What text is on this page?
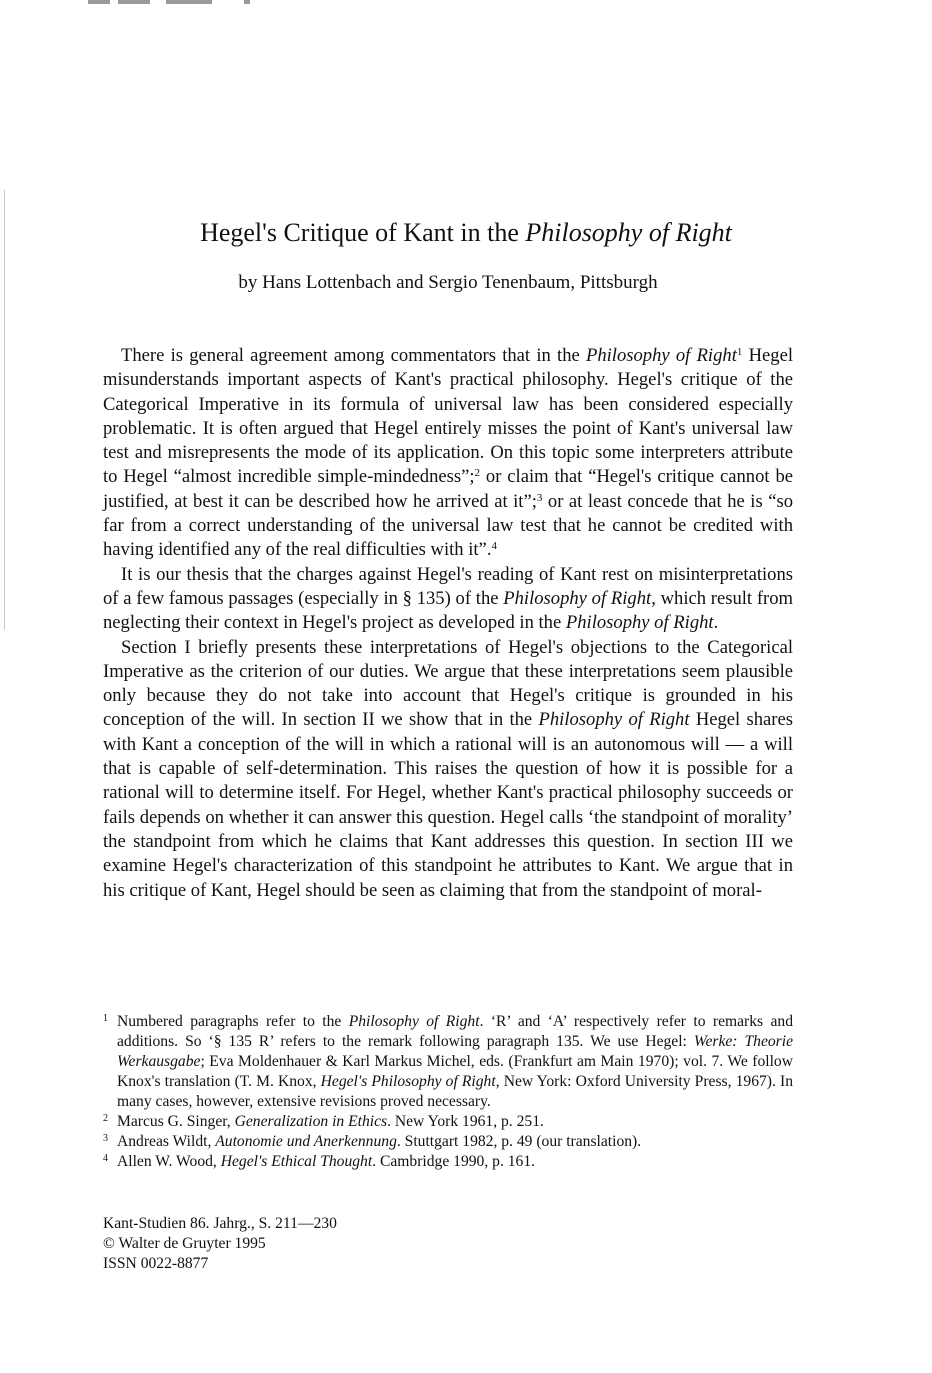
Hegel's Critique of Kant in the Philosophy of Right
by Hans Lottenbach and Sergio Tenenbaum, Pittsburgh

There is general agreement among commentators that in the Philosophy of Right$^1$ Hegel misunderstands important aspects of Kant's practical philosophy. Hegel's critique of the Categorical Imperative in its formula of universal law has been considered especially problematic. It is often argued that Hegel entirely misses the point of Kant's universal law test and misrepresents the mode of its application. On this topic some interpreters attribute to Hegel “almost incredible simple-mindedness”;$^2$ or claim that “Hegel's critique cannot be justified, at best it can be described how he arrived at it”;$^3$ or at least concede that he is “so far from a correct understanding of the universal law test that he cannot be credited with having identified any of the real difficulties with it”.$^4$

It is our thesis that the charges against Hegel's reading of Kant rest on misinterpretations of a few famous passages (especially in § 135) of the Philosophy of Right, which result from neglecting their context in Hegel's project as developed in the Philosophy of Right.

Section I briefly presents these interpretations of Hegel's objections to the Categorical Imperative as the criterion of our duties. We argue that these interpretations seem plausible only because they do not take into account that Hegel's critique is grounded in his conception of the will. In section II we show that in the Philosophy of Right Hegel shares with Kant a conception of the will in which a rational will is an autonomous will — a will that is capable of self-determination. This raises the question of how it is possible for a rational will to determine itself. For Hegel, whether Kant's practical philosophy succeeds or fails depends on whether it can answer this question. Hegel calls ‘the standpoint of morality’ the standpoint from which he claims that Kant addresses this question. In section III we examine Hegel's characterization of this standpoint he attributes to Kant. We argue that in his critique of Kant, Hegel should be seen as claiming that from the standpoint of moral-

1 Numbered paragraphs refer to the Philosophy of Right. ‘R’ and ‘A’ respectively refer to remarks and additions. So ‘§ 135 R’ refers to the remark following paragraph 135. We use Hegel: Werke: Theorie Werkausgabe; Eva Moldenhauer & Karl Markus Michel, eds. (Frankfurt am Main 1970); vol. 7. We follow Knox's translation (T. M. Knox, Hegel's Philosophy of Right, New York: Oxford University Press, 1967). In many cases, however, extensive revisions proved necessary.

2 Marcus G. Singer, Generalization in Ethics. New York 1961, p. 251.

3 Andreas Wildt, Autonomie und Anerkennung. Stuttgart 1982, p. 49 (our translation).

4 Allen W. Wood, Hegel's Ethical Thought. Cambridge 1990, p. 161.

Kant-Studien 86. Jahrg., S. 211—230
© Walter de Gruyter 1995
ISSN 0022-8877
